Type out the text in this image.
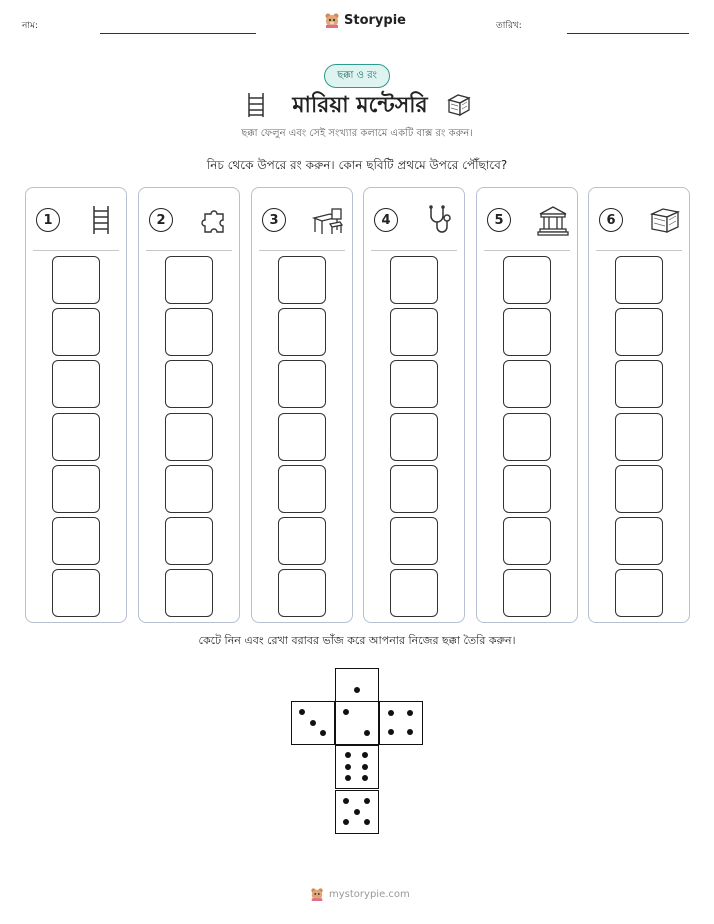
নাম:	Storypie	তারিখ:
ছক্কা ও রং
মারিয়া মন্টেসরি
ছক্কা ফেলুন এবং সেই সংখ্যার কলামে একটি বাক্স রং করুন।
নিচ থেকে উপরে রং করুন। কোন ছবিটি প্রথমে উপরে পৌঁছাবে?
1	2	3	4	5	6
কেটে নিন এবং রেখা বরাবর ভাঁজ করে আপনার নিজের ছক্কা তৈরি করুন।
mystorypie.com
